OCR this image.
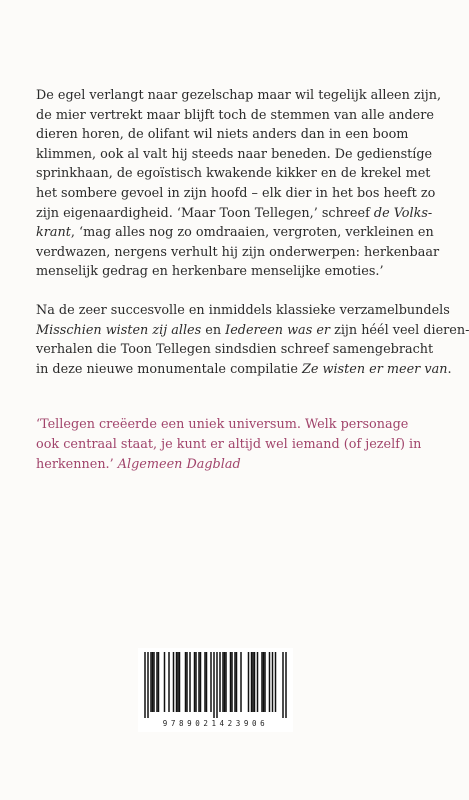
De egel verlangt naar gezelschap maar wil tegelijk alleen zijn,
de mier vertrekt maar blijft toch de stemmen van alle andere
dieren horen, de olifant wil niets anders dan in een boom
klimmen, ook al valt hij steeds naar beneden. De gedienstíge
sprinkhaan, de egoïstisch kwakende kikker en de krekel met
het sombere gevoel in zijn hoofd – elk dier in het bos heeft zo
zijn eigenaardigheid. ‘Maar Toon Tellegen,’ schreef de Volks-
krant, ‘mag alles nog zo omdraaien, vergroten, verkleinen en
verdwazen, nergens verhult hij zijn onderwerpen: herkenbaar
menselijk gedrag en herkenbare menselijke emoties.’

Na de zeer succesvolle en inmiddels klassieke verzamelbundels
Misschien wisten zij alles en Iedereen was er zijn héél veel dieren-
verhalen die Toon Tellegen sindsdien schreef samengebracht
in deze nieuwe monumentale compilatie Ze wisten er meer van.

‘Tellegen creëerde een uniek universum. Welk personage
ook centraal staat, je kunt er altijd wel iemand (of jezelf) in
herkennen.’ Algemeen Dagblad

9789021423906
